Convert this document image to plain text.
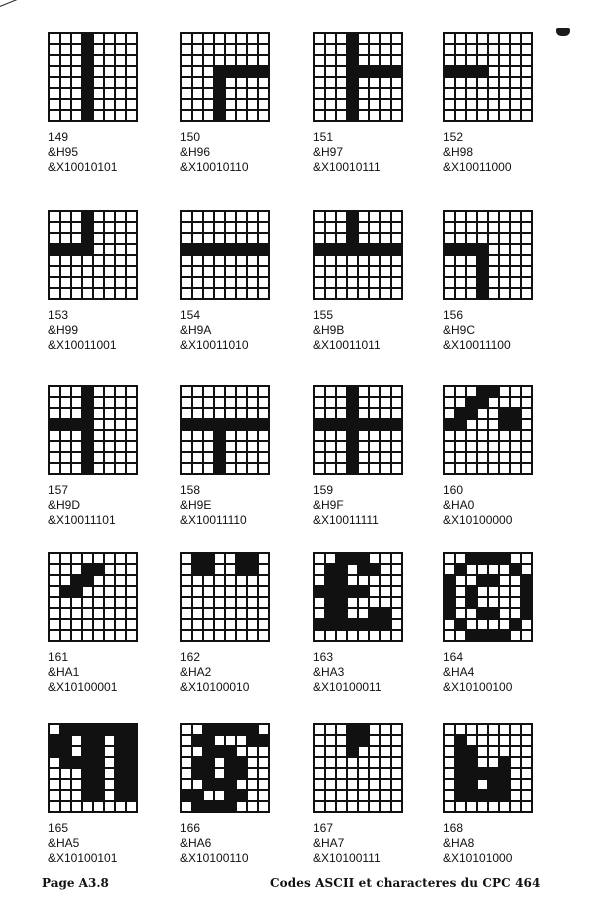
149
&H95
&X10010101
150
&H96
&X10010110
151
&H97
&X10010111
152
&H98
&X10011000
153
&H99
&X10011001
154
&H9A
&X10011010
155
&H9B
&X10011011
156
&H9C
&X10011100
157
&H9D
&X10011101
158
&H9E
&X10011110
159
&H9F
&X10011111
160
&HA0
&X10100000
161
&HA1
&X10100001
162
&HA2
&X10100010
163
&HA3
&X10100011
164
&HA4
&X10100100
165
&HA5
&X10100101
166
&HA6
&X10100110
167
&HA7
&X10100111
168
&HA8
&X10101000
Page A3.8	Codes ASCII et characteres du CPC 464
